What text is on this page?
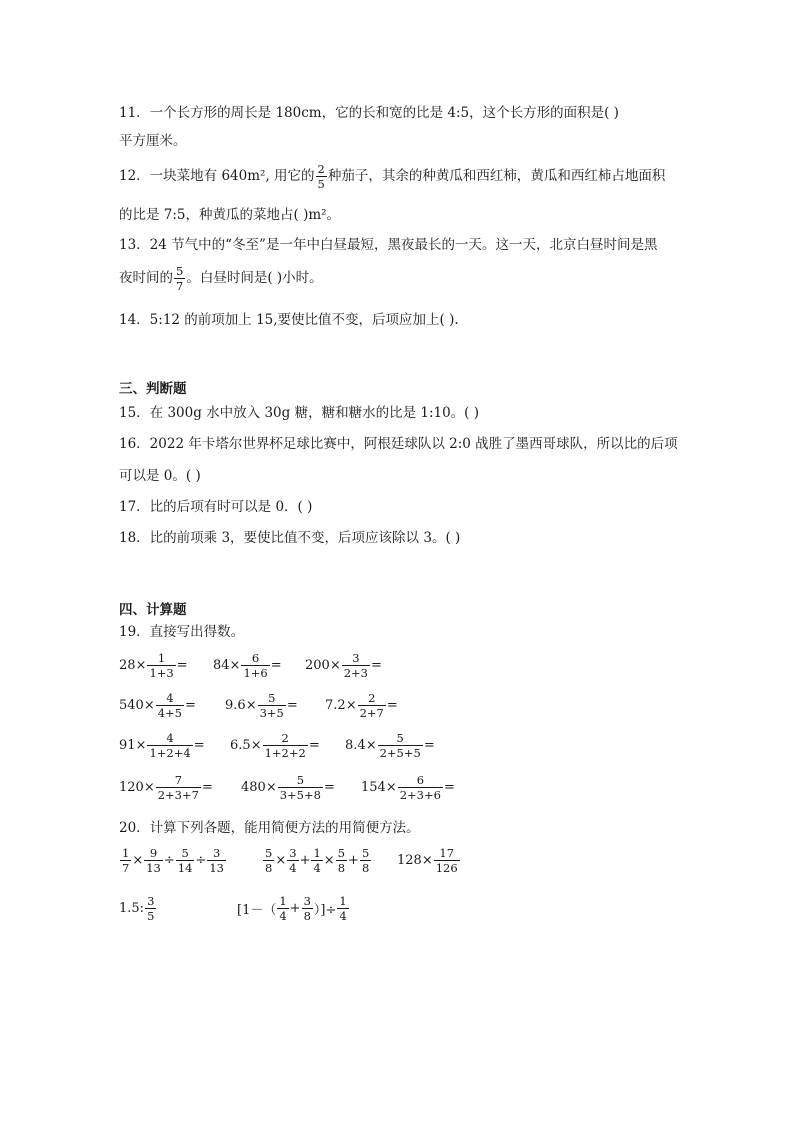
11．一个长方形的周长是 180cm，它的长和宽的比是 4:5，这个长方形的面积是( )
平方厘米。
12．一块菜地有 640m², 用它的 $\frac{2}{5}$ 种茄子，其余的种黄瓜和西红柿，黄瓜和西红柿占地面积
的比是 7:5，种黄瓜的菜地占( )m²。
13．24 节气中的“冬至”是一年中白昼最短，黑夜最长的一天。这一天，北京白昼时间是黑
夜时间的 $\frac{5}{7}$ 。白昼时间是( )小时。
14．5:12 的前项加上 15,要使比值不变，后项应加上( ).
三、判断题
15．在 300g 水中放入 30g 糖，糖和糖水的比是 1:10。( )
16．2022 年卡塔尔世界杯足球比赛中，阿根廷球队以 2:0 战胜了墨西哥球队，所以比的后项
可以是 0。( )
17．比的后项有时可以是 0．( )
18．比的前项乘 3，要使比值不变，后项应该除以 3。( )
四、计算题
19．直接写出得数。
$28 \times \frac{1}{1+3} = 84 \times \frac{6}{1+6} = 200 \times \frac{3}{2+3}$ =
$540 \times \frac{4}{4+5} = 9.6 \times \frac{5}{3+5} = 7.2 \times \frac{2}{2+7}$ =
$91 \times \frac{4}{1+2+4} = 6.5 \times \frac{2}{1+2+2} = 8.4 \times \frac{5}{2+5+5}$ =
$120 \times \frac{7}{2+3+7} = 480 \times \frac{5}{3+5+8} = 154 \times \frac{6}{2+3+6}$ =
20．计算下列各题，能用简便方法的用简便方法。
$\frac{1}{7} \times \frac{9}{13} \div \frac{5}{14} \div \frac{3}{13}$	$\frac{5}{8} \times \frac{3}{4} + \frac{1}{4} \times \frac{5}{8} + \frac{5}{8} 128 \times \frac{17}{126}$
1.5: $\frac{3}{5}$	[$1-( \frac{1}{4} + \frac{3}{8}$ ）]÷ $\frac{1}{4}$
